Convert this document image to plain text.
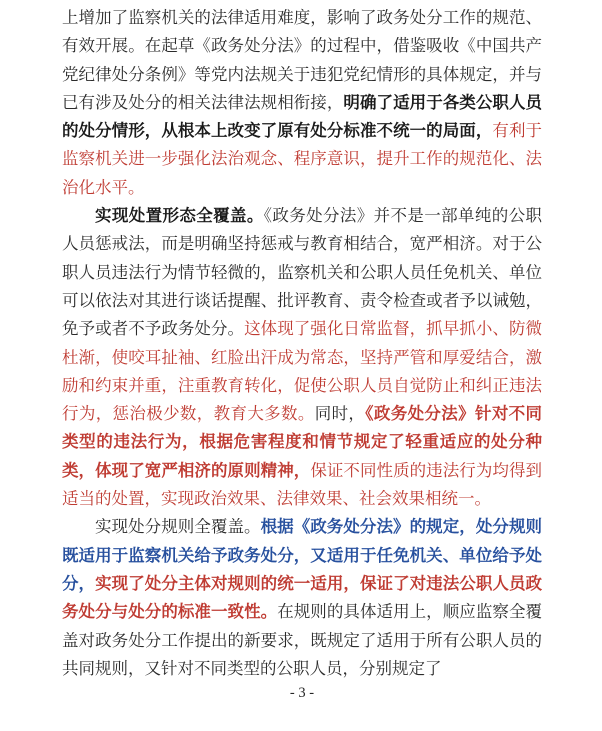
上增加了监察机关的法律适用难度，影响了政务处分工作的规范、有效开展。在起草《政务处分法》的过程中，借鉴吸收《中国共产党纪律处分条例》等党内法规关于违犯党纪情形的具体规定，并与已有涉及处分的相关法律法规相衔接，明确了适用于各类公职人员的处分情形，从根本上改变了原有处分标准不统一的局面，有利于监察机关进一步强化法治观念、程序意识，提升工作的规范化、法治化水平。

实现处置形态全覆盖。《政务处分法》并不是一部单纯的公职人员惩戒法，而是明确坚持惩戒与教育相结合，宽严相济。对于公职人员违法行为情节轻微的，监察机关和公职人员任免机关、单位可以依法对其进行谈话提醒、批评教育、责令检查或者予以诫勉，免予或者不予政务处分。这体现了强化日常监督，抓早抓小、防微杜渐，使咬耳扯袖、红脸出汗成为常态，坚持严管和厚爱结合，激励和约束并重，注重教育转化，促使公职人员自觉防止和纠正违法行为，惩治极少数，教育大多数。同时，《政务处分法》针对不同类型的违法行为，根据危害程度和情节规定了轻重适应的处分种类，体现了宽严相济的原则精神，保证不同性质的违法行为均得到适当的处置，实现政治效果、法律效果、社会效果相统一。

实现处分规则全覆盖。根据《政务处分法》的规定，处分规则既适用于监察机关给予政务处分，又适用于任免机关、单位给予处分，实现了处分主体对规则的统一适用，保证了对违法公职人员政务处分与处分的标准一致性。在规则的具体适用上，顺应监察全覆盖对政务处分工作提出的新要求，既规定了适用于所有公职人员的共同规则，又针对不同类型的公职人员，分别规定了

- 3 -
